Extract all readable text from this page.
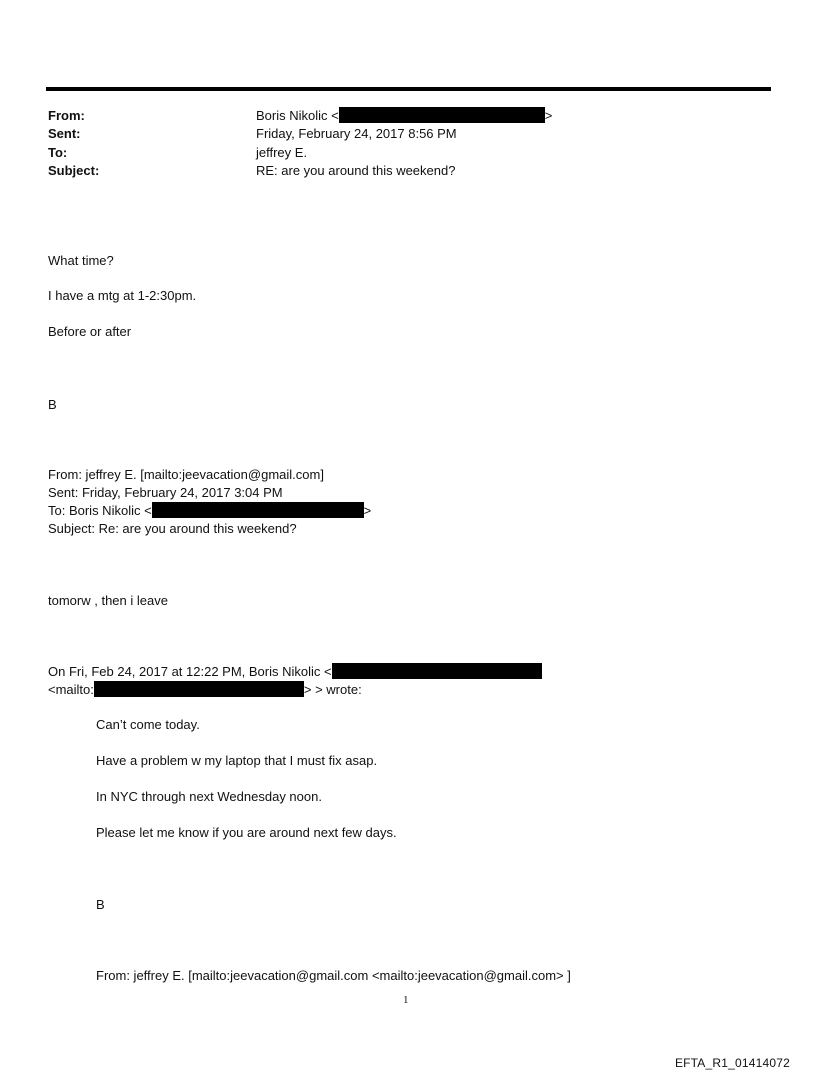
From:	Boris Nikolic <	>
Sent:	Friday, February 24, 2017 8:56 PM
To:	jeffrey E.
Subject:	RE: are you around this weekend?
What time?
I have a mtg at 1-2:30pm.
Before or after
B
From: jeffrey E. [mailto:jeevacation@gmail.com]
Sent: Friday, February 24, 2017 3:04 PM
To: Boris Nikolic <	>
Subject: Re: are you around this weekend?
tomorw , then i leave
On Fri, Feb 24, 2017 at 12:22 PM, Boris Nikolic <
<mailto:	> > wrote:
Can’t come today.
Have a problem w my laptop that I must fix asap.
In NYC through next Wednesday noon.
Please let me know if you are around next few days.
B
From: jeffrey E. [mailto:jeevacation@gmail.com <mailto:jeevacation@gmail.com> ]
1
EFTA_R1_01414072
